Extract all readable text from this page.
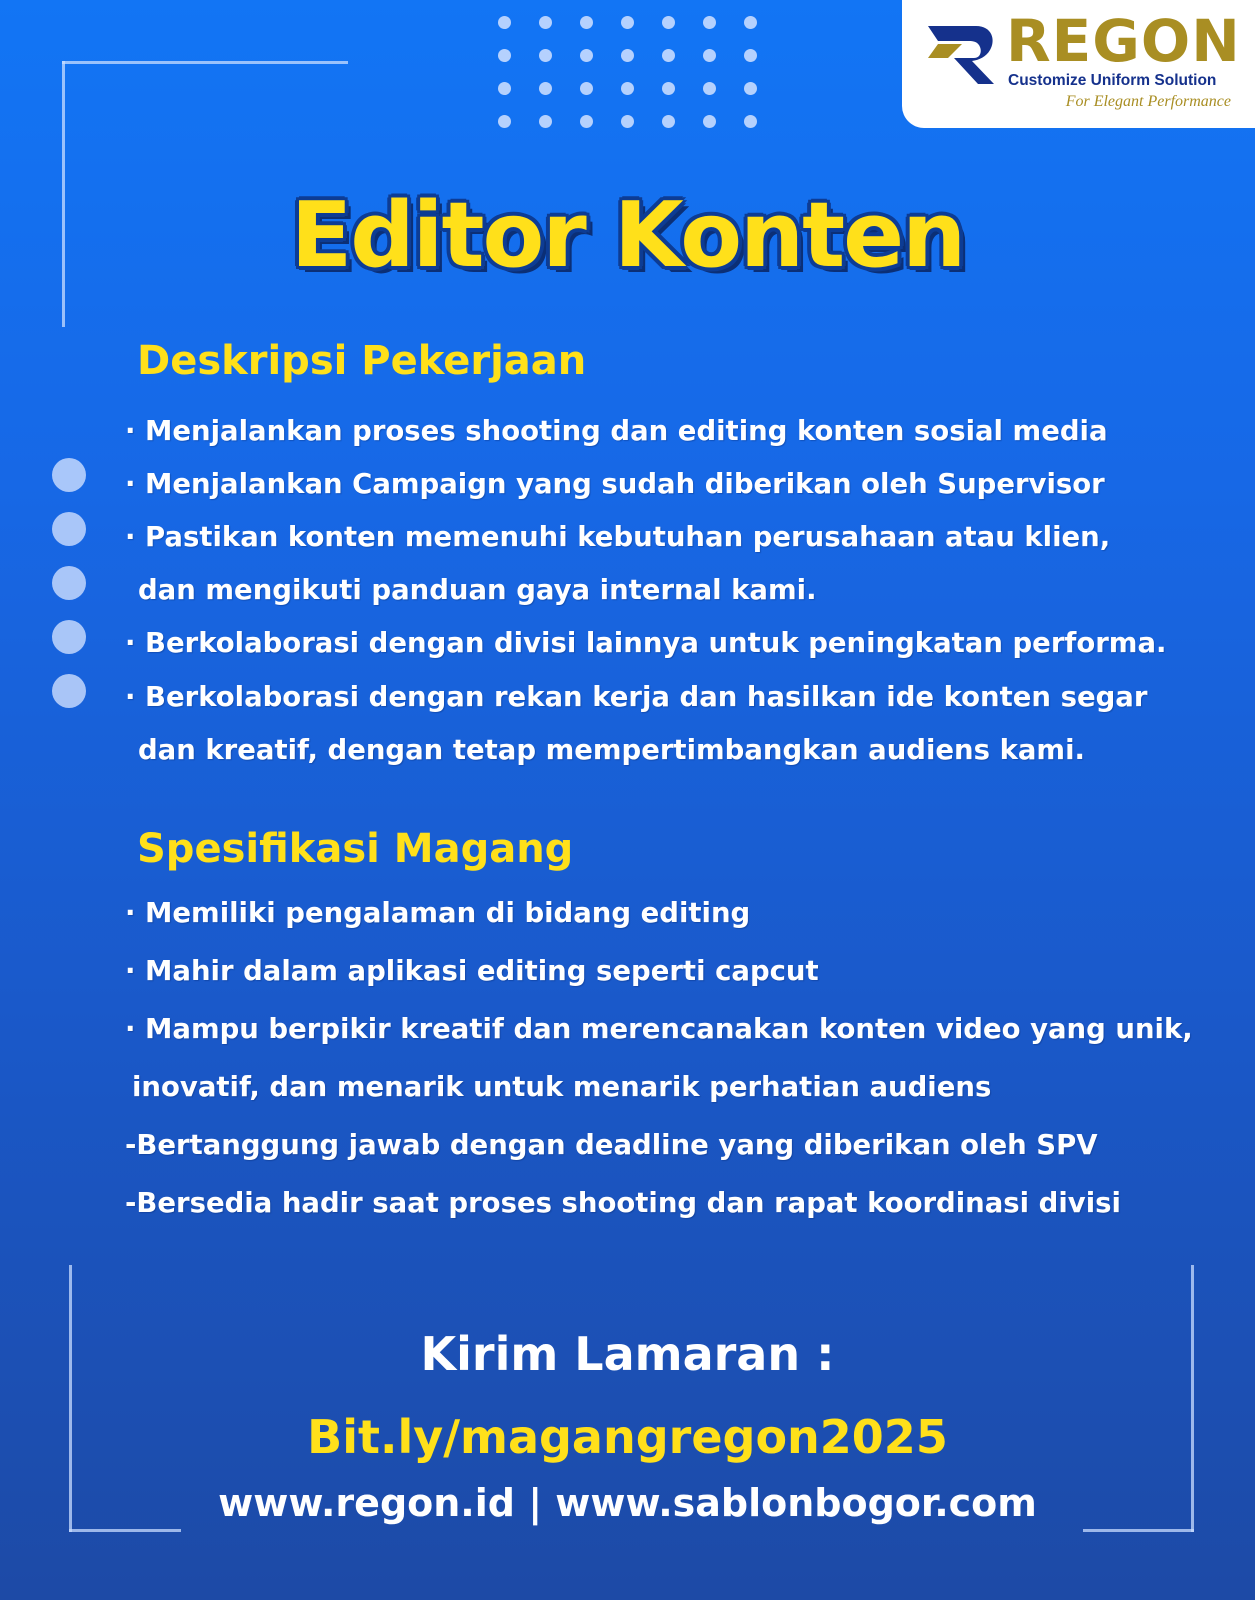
REGON
Customize Uniform Solution
For Elegant Performance
Editor Konten
Deskripsi Pekerjaan
· Menjalankan proses shooting dan editing konten sosial media
· Menjalankan Campaign yang sudah diberikan oleh Supervisor
· Pastikan konten memenuhi kebutuhan perusahaan atau klien,
dan mengikuti panduan gaya internal kami.
· Berkolaborasi dengan divisi lainnya untuk peningkatan performa.
· Berkolaborasi dengan rekan kerja dan hasilkan ide konten segar
dan kreatif, dengan tetap mempertimbangkan audiens kami.
Spesifikasi Magang
· Memiliki pengalaman di bidang editing
· Mahir dalam aplikasi editing seperti capcut
· Mampu berpikir kreatif dan merencanakan konten video yang unik,
inovatif, dan menarik untuk menarik perhatian audiens
-Bertanggung jawab dengan deadline yang diberikan oleh SPV
-Bersedia hadir saat proses shooting dan rapat koordinasi divisi
Kirim Lamaran :
Bit.ly/magangregon2025
www.regon.id | www.sablonbogor.com
